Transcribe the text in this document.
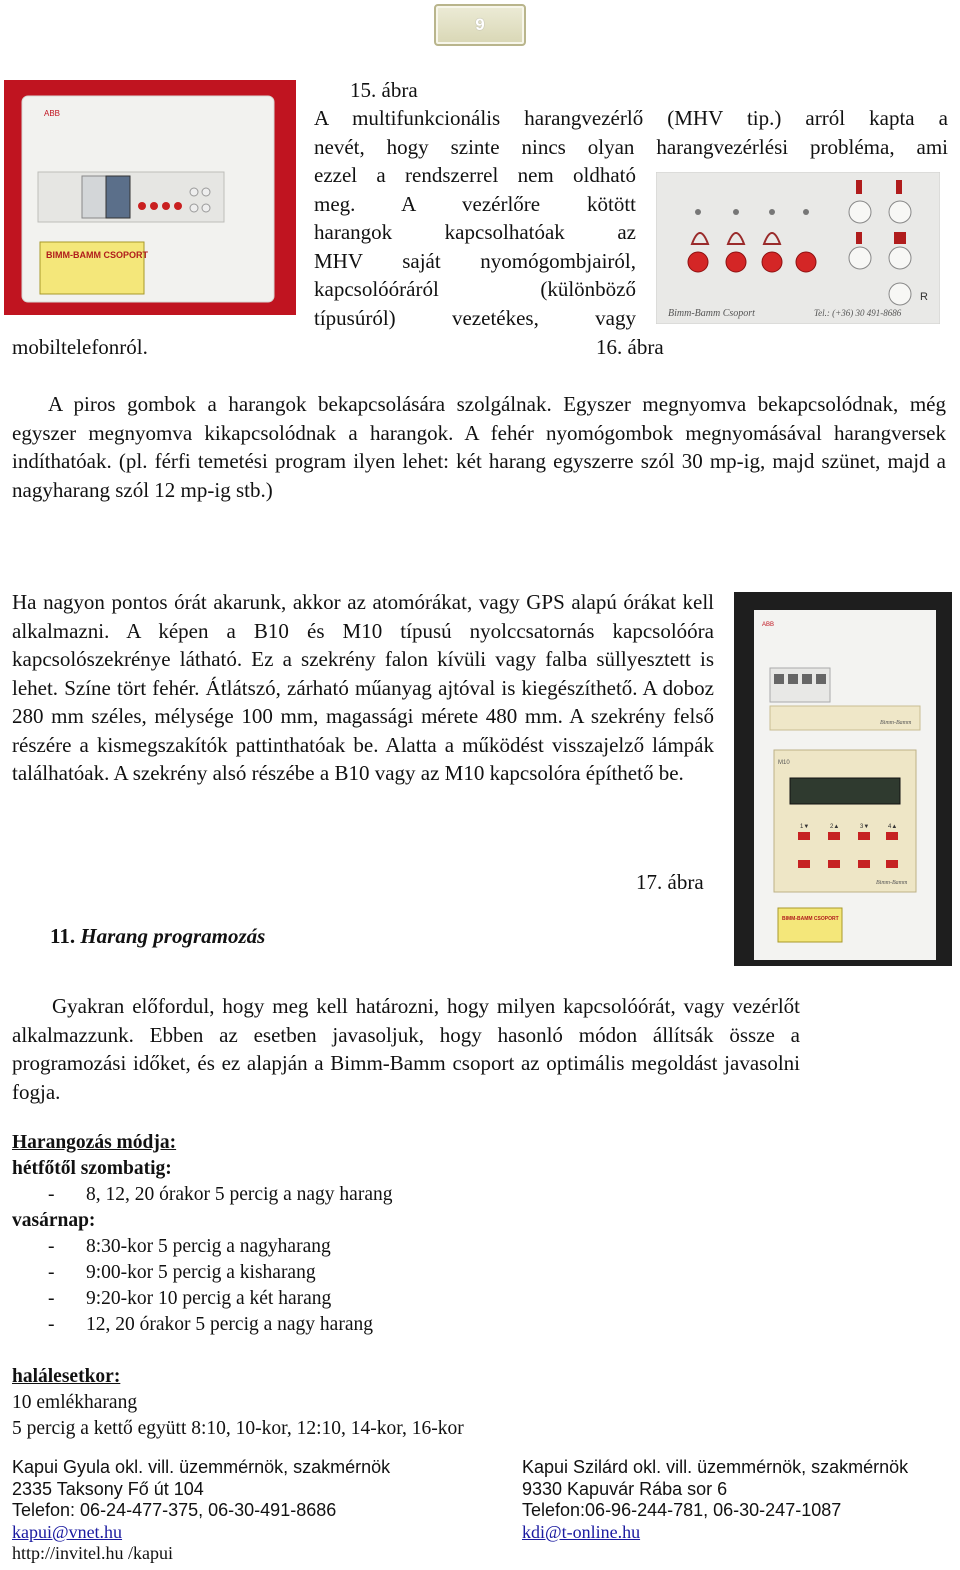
9
BIMM-BAMM CSOPORT
ABB
15. ábra
A multifunkcionális harangvezérlő (MHV tip.) arról kapta a
nevét, hogy szinte nincs olyan harangvezérlési probléma, ami
ezzel a rendszerrel nem oldható
meg. A vezérlőre kötött
harangok kapcsolhatóak az
MHV saját nyomógombjairól,
kapcsolóóráról (különböző
típusúról) vezetékes, vagy
mobiltelefonról.
R
Bimm-Bamm Csoport	Tel.: (+36) 30 491-8686
16. ábra
A piros gombok a harangok bekapcsolására szolgálnak. Egyszer megnyomva bekapcsolódnak, még egyszer megnyomva kikapcsolódnak a harangok. A fehér nyomógombok megnyomásával harangversek indíthatóak. (pl. férfi temetési program ilyen lehet: két harang egyszerre szól 30 mp-ig, majd szünet, majd a nagyharang szól 12 mp-ig stb.)
Ha nagyon pontos órát akarunk, akkor az atomórákat, vagy GPS alapú órákat kell alkalmazni. A képen a B10 és M10 típusú nyolccsatornás kapcsolóóra kapcsolószekrénye látható. Ez a szekrény falon kívüli vagy falba süllyesztett is lehet. Színe tört fehér. Átlátszó, zárható műanyag ajtóval is kiegészíthető. A doboz 280 mm széles, mélysége 100 mm, magassági mérete 480 mm. A szekrény felső részére a kismegszakítók pattinthatóak be. Alatta a működést visszajelző lámpák találhatóak. A szekrény alsó részébe a B10 vagy az M10 kapcsolóra építhető be.
ABB
Bimm-Bamm
M10
1▼	2▲	3▼	4▲
Bimm-Bamm
BIMM-BAMM CSOPORT
17. ábra
11. Harang programozás
Gyakran előfordul, hogy meg kell határozni, hogy milyen kapcsolóórát, vagy vezérlőt alkalmazzunk. Ebben az esetben javasoljuk, hogy hasonló módon állítsák össze a programozási időket, és ez alapján a Bimm-Bamm csoport az optimális megoldást javasolni fogja.
Harangozás módja:
hétfőtől szombatig:
- 8, 12, 20 órakor 5 percig a nagy harang
vasárnap:
- 8:30-kor 5 percig a nagyharang
- 9:00-kor 5 percig a kisharang
- 9:20-kor 10 percig a két harang
- 12, 20 órakor 5 percig a nagy harang
halálesetkor:
10 emlékharang
5 percig a kettő együtt 8:10, 10-kor, 12:10, 14-kor, 16-kor
Kapui Gyula okl. vill. üzemmérnök, szakmérnök
2335 Taksony Fő út 104
Telefon: 06-24-477-375, 06-30-491-8686
kapui@vnet.hu
http://invitel.hu /kapui
Kapui Szilárd okl. vill. üzemmérnök, szakmérnök
9330 Kapuvár Rába sor 6
Telefon:06-96-244-781, 06-30-247-1087
kdi@t-online.hu
